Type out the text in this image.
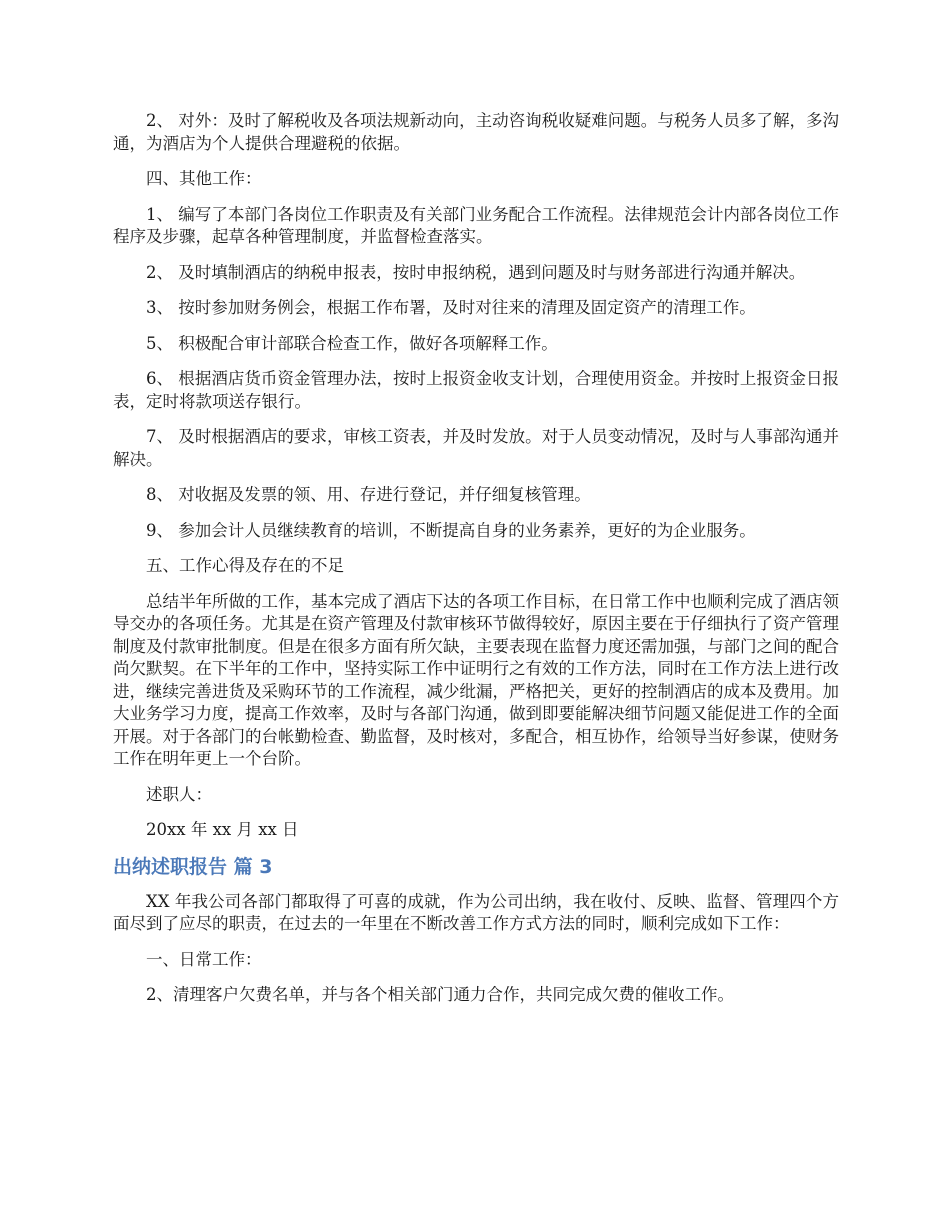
2、 对外：及时了解税收及各项法规新动向，主动咨询税收疑难问题。与税务人员多了解，多沟通，为酒店为个人提供合理避税的依据。

四、其他工作：

1、 编写了本部门各岗位工作职责及有关部门业务配合工作流程。法律规范会计内部各岗位工作程序及步骤，起草各种管理制度，并监督检查落实。

2、 及时填制酒店的纳税申报表，按时申报纳税，遇到问题及时与财务部进行沟通并解决。

3、 按时参加财务例会，根据工作布署，及时对往来的清理及固定资产的清理工作。

5、 积极配合审计部联合检查工作，做好各项解释工作。

6、 根据酒店货币资金管理办法，按时上报资金收支计划，合理使用资金。并按时上报资金日报表，定时将款项送存银行。

7、 及时根据酒店的要求，审核工资表，并及时发放。对于人员变动情况，及时与人事部沟通并解决。

8、 对收据及发票的领、用、存进行登记，并仔细复核管理。

9、 参加会计人员继续教育的培训，不断提高自身的业务素养，更好的为企业服务。

五、工作心得及存在的不足

总结半年所做的工作，基本完成了酒店下达的各项工作目标，在日常工作中也顺利完成了酒店领导交办的各项任务。尤其是在资产管理及付款审核环节做得较好，原因主要在于仔细执行了资产管理制度及付款审批制度。但是在很多方面有所欠缺，主要表现在监督力度还需加强，与部门之间的配合尚欠默契。在下半年的工作中，坚持实际工作中证明行之有效的工作方法，同时在工作方法上进行改进，继续完善进货及采购环节的工作流程，减少纰漏，严格把关，更好的控制酒店的成本及费用。加大业务学习力度，提高工作效率，及时与各部门沟通，做到即要能解决细节问题又能促进工作的全面开展。对于各部门的台帐勤检查、勤监督，及时核对，多配合，相互协作，给领导当好参谋，使财务工作在明年更上一个台阶。

述职人：

20xx 年 xx 月 xx 日

出纳述职报告 篇 3

XX 年我公司各部门都取得了可喜的成就，作为公司出纳，我在收付、反映、监督、管理四个方面尽到了应尽的职责，在过去的一年里在不断改善工作方式方法的同时，顺利完成如下工作：

一、日常工作：

2、清理客户欠费名单，并与各个相关部门通力合作，共同完成欠费的催收工作。
